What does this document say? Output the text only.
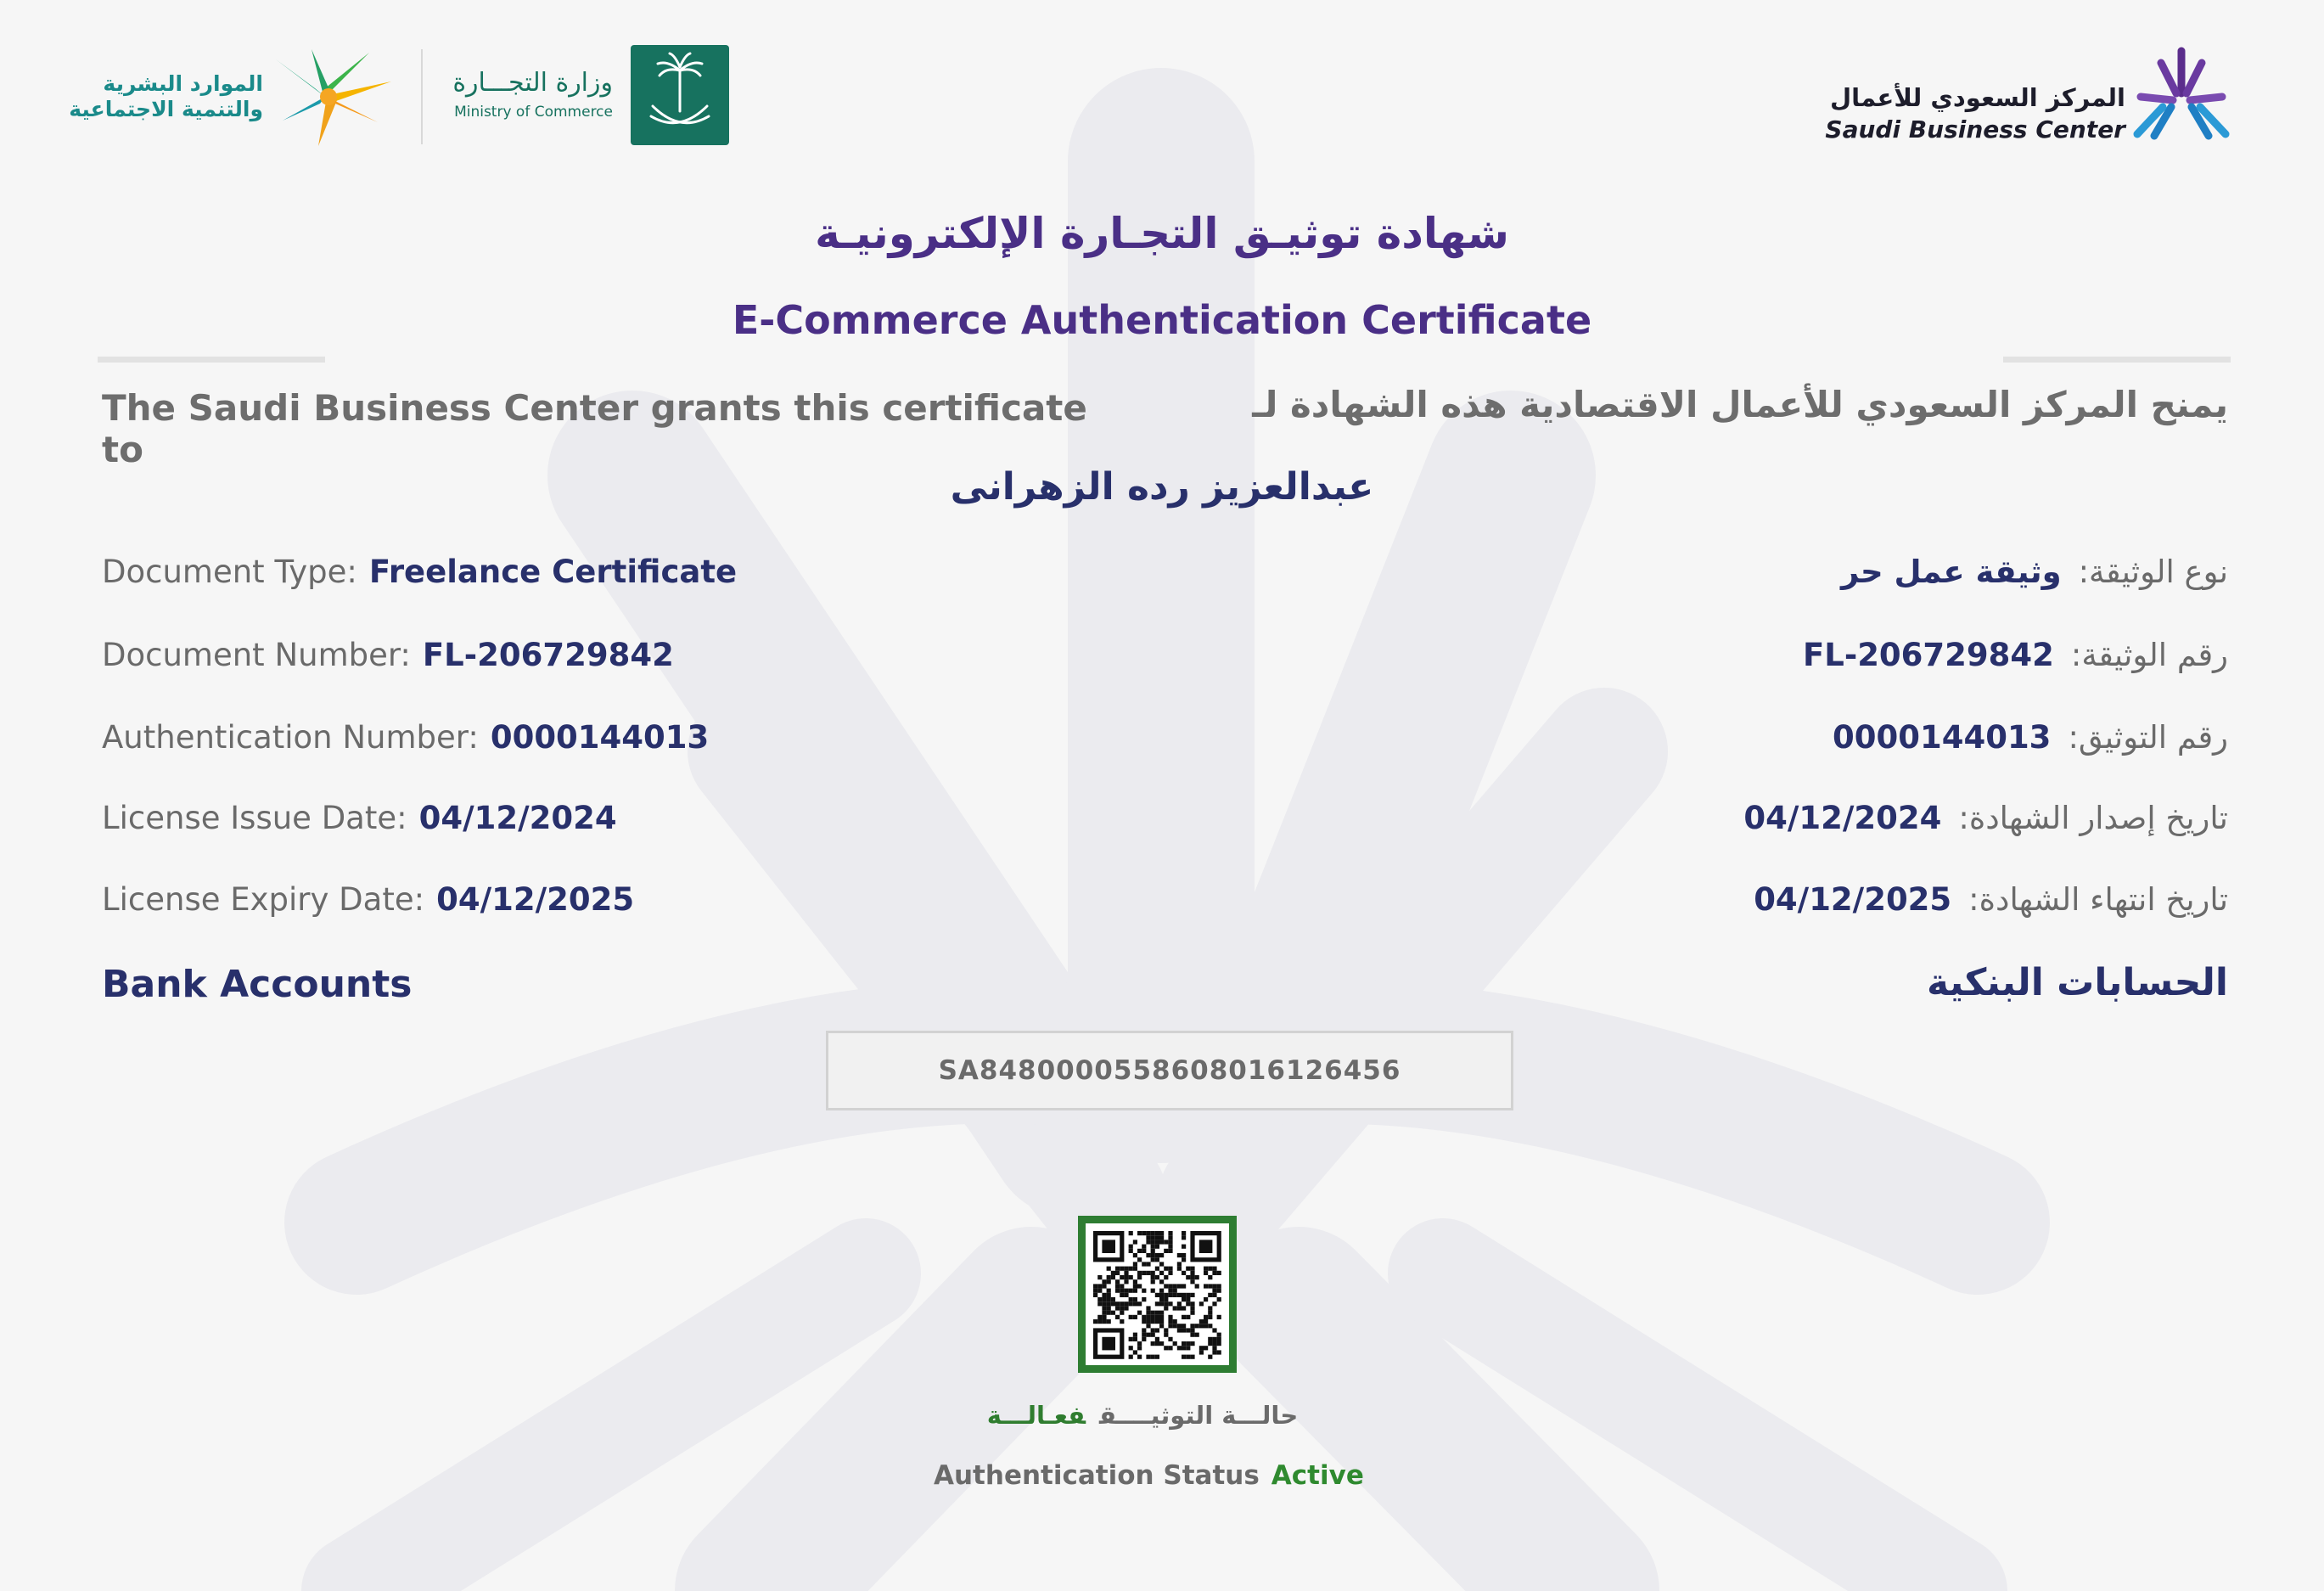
الموارد البشرية
والتنمية الاجتماعية
وزارة التجـــارة
Ministry of Commerce	المركز السعودي للأعمال
Saudi Business Center
شهادة توثيـق التجـارة الإلكترونيـة
E-Commerce Authentication Certificate
The Saudi Business Center grants this certificate to
يمنح المركز السعودي للأعمال الاقتصادية هذه الشهادة لـ
عبدالعزيز رده الزهرانى
Document Type: Freelance Certificate
Document Number: FL-206729842
Authentication Number: 0000144013
License Issue Date: 04/12/2024
License Expiry Date: 04/12/2025
نوع الوثيقة:وثيقة عمل حر
رقم الوثيقة:FL-206729842
رقم التوثيق:0000144013
تاريخ إصدار الشهادة:04/12/2024
تاريخ انتهاء الشهادة:04/12/2025
Bank Accounts	الحسابات البنكية
SA8480000558608016126456
حالـــة التوثيــــقفعـالـــة
Authentication Status Active
